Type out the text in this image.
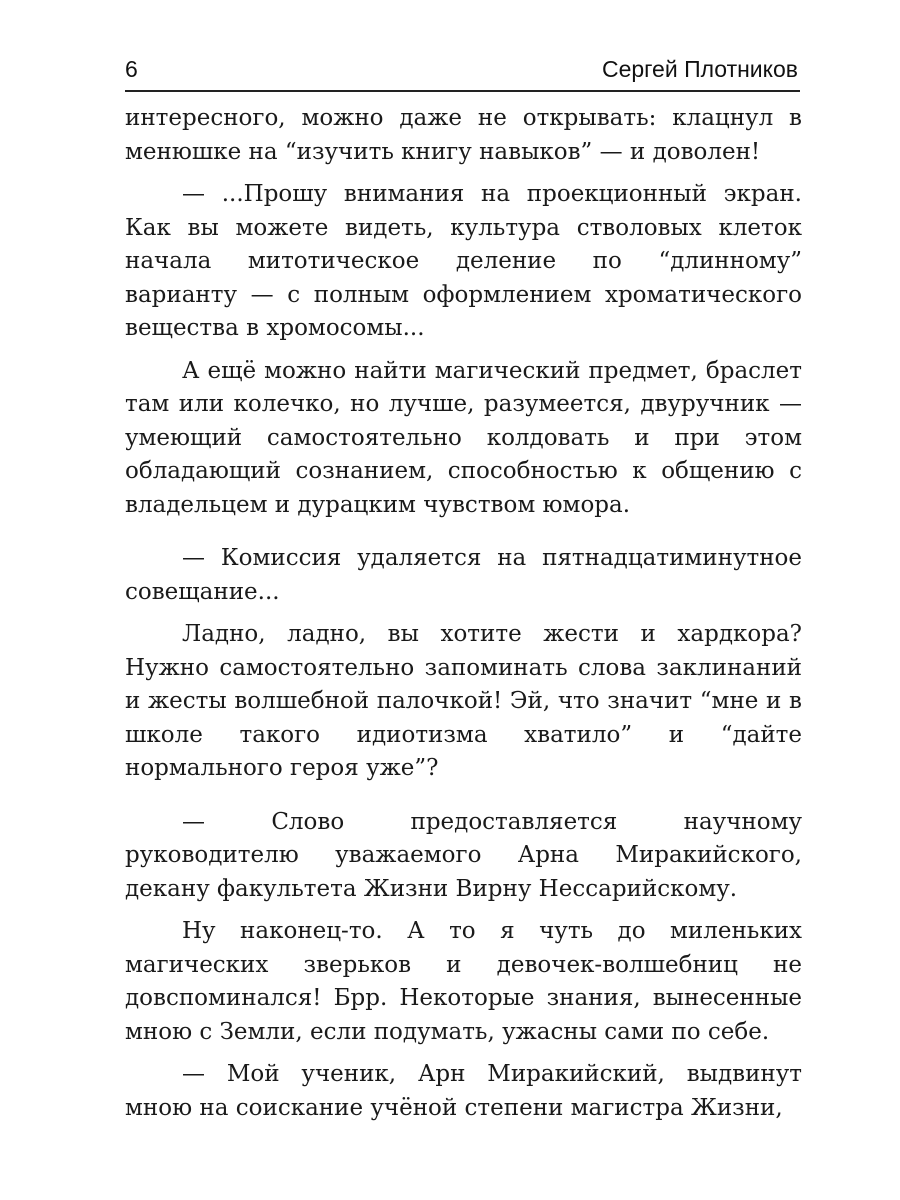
6	Сергей Плотников

интересного, можно даже не открывать: клацнул в менюшке на “изучить книгу навыков” — и доволен!

— ...Прошу внимания на проекционный экран. Как вы можете видеть, культура стволовых клеток начала митотическое деление по “длинному” варианту — с полным оформлением хроматического вещества в хромосомы...

А ещё можно найти магический предмет, браслет там или колечко, но лучше, разумеется, двуручник — умеющий самостоятельно колдовать и при этом обладающий сознанием, способностью к общению с владельцем и дурацким чувством юмора.

— Комиссия удаляется на пятнадцатиминутное совещание...

Ладно, ладно, вы хотите жести и хардкора? Нужно самостоятельно запоминать слова заклинаний и жесты волшебной палочкой! Эй, что значит “мне и в школе такого идиотизма хватило” и “дайте нормального героя уже”?

— Слово предоставляется научному руководителю уважаемого Арна Миракийского, декану факультета Жизни Вирну Нессарийскому.

Ну наконец-то. А то я чуть до миленьких магических зверьков и девочек-волшебниц не довспоминался! Брр. Некоторые знания, вынесенные мною с Земли, если подумать, ужасны сами по себе.

— Мой ученик, Арн Миракийский, выдвинут мною на соискание учёной степени магистра Жизни,
